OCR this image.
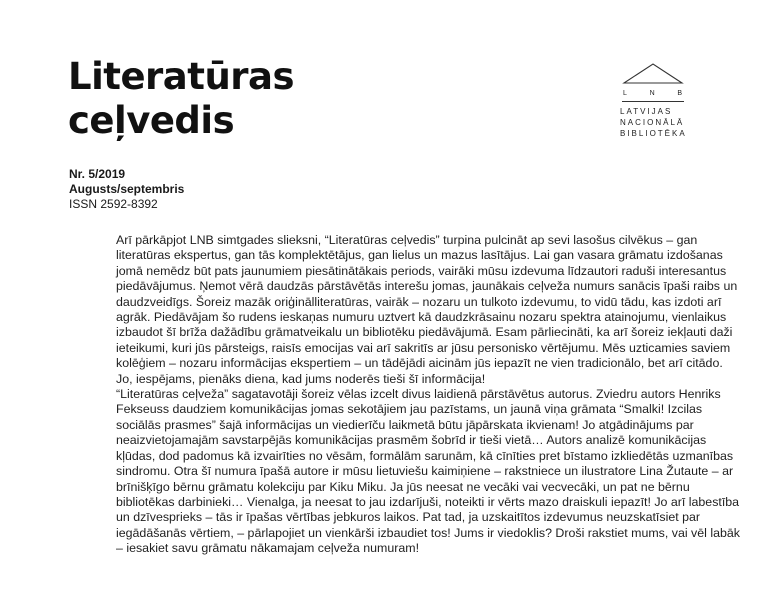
Literatūras
ceļvedis
L	N	B
LATVIJAS
NACIONĀLĀ
BIBLIOTĒKA
Nr. 5/2019
Augusts/septembris
ISSN 2592-8392

Arī pārkāpjot LNB simtgades slieksni, “Literatūras ceļvedis” turpina pulcināt ap sevi lasošus cilvēkus – gan literatūras ekspertus, gan tās komplektētājus, gan lielus un mazus lasītājus. Lai gan vasara grāmatu izdošanas jomā nemēdz būt pats jaunumiem piesātinātākais periods, vairāki mūsu izdevuma līdzautori raduši interesantus piedāvājumus. Ņemot vērā daudzās pārstāvētās interešu jomas, jaunākais ceļveža numurs sanācis īpaši raibs un daudzveidīgs. Šoreiz mazāk oriģinālliteratūras, vairāk – nozaru un tulkoto izdevumu, to vidū tādu, kas izdoti arī agrāk. Piedāvājam šo rudens ieskaņas numuru uztvert kā daudzkrāsainu nozaru spektra atainojumu, vienlaikus izbaudot šī brīža dažādību grāmatveikalu un bibliotēku piedāvājumā. Esam pārliecināti, ka arī šoreiz iekļauti daži ieteikumi, kuri jūs pārsteigs, raisīs emocijas vai arī sakritīs ar jūsu personisko vērtējumu. Mēs uzticamies saviem kolēģiem – nozaru informācijas ekspertiem – un tādējādi aicinām jūs iepazīt ne vien tradicionālo, bet arī citādo. Jo, iespējams, pienāks diena, kad jums noderēs tieši šī informācija!

“Literatūras ceļveža” sagatavotāji šoreiz vēlas izcelt divus laidienā pārstāvētus autorus. Zviedru autors Henriks Fekseuss daudziem komunikācijas jomas sekotājiem jau pazīstams, un jaunā viņa grāmata “Smalki! Izcilas sociālās prasmes” šajā informācijas un viedierīču laikmetā būtu jāpārskata ikvienam! Jo atgādinājums par neaizvietojamajām savstarpējās komunikācijas prasmēm šobrīd ir tieši vietā… Autors analizē komunikācijas kļūdas, dod padomus kā izvairīties no vēsām, formālām sarunām, kā cīnīties pret bīstamo izkliedētās uzmanības sindromu. Otra šī numura īpašā autore ir mūsu lietuviešu kaimiņiene – rakstniece un ilustratore Lina Žutaute – ar brīnišķīgo bērnu grāmatu kolekciju par Kiku Miku. Ja jūs neesat ne vecāki vai vecvecāki, un pat ne bērnu bibliotēkas darbinieki… Vienalga, ja neesat to jau izdarījuši, noteikti ir vērts mazo draiskuli iepazīt! Jo arī labestība un dzīvesprieks – tās ir īpašas vērtības jebkuros laikos. Pat tad, ja uzskaitītos izdevumus neuzskatīsiet par iegādāšanās vērtiem, – pārlapojiet un vienkārši izbaudiet tos! Jums ir viedoklis? Droši rakstiet mums, vai vēl labāk – iesakiet savu grāmatu nākamajam ceļveža numuram!
